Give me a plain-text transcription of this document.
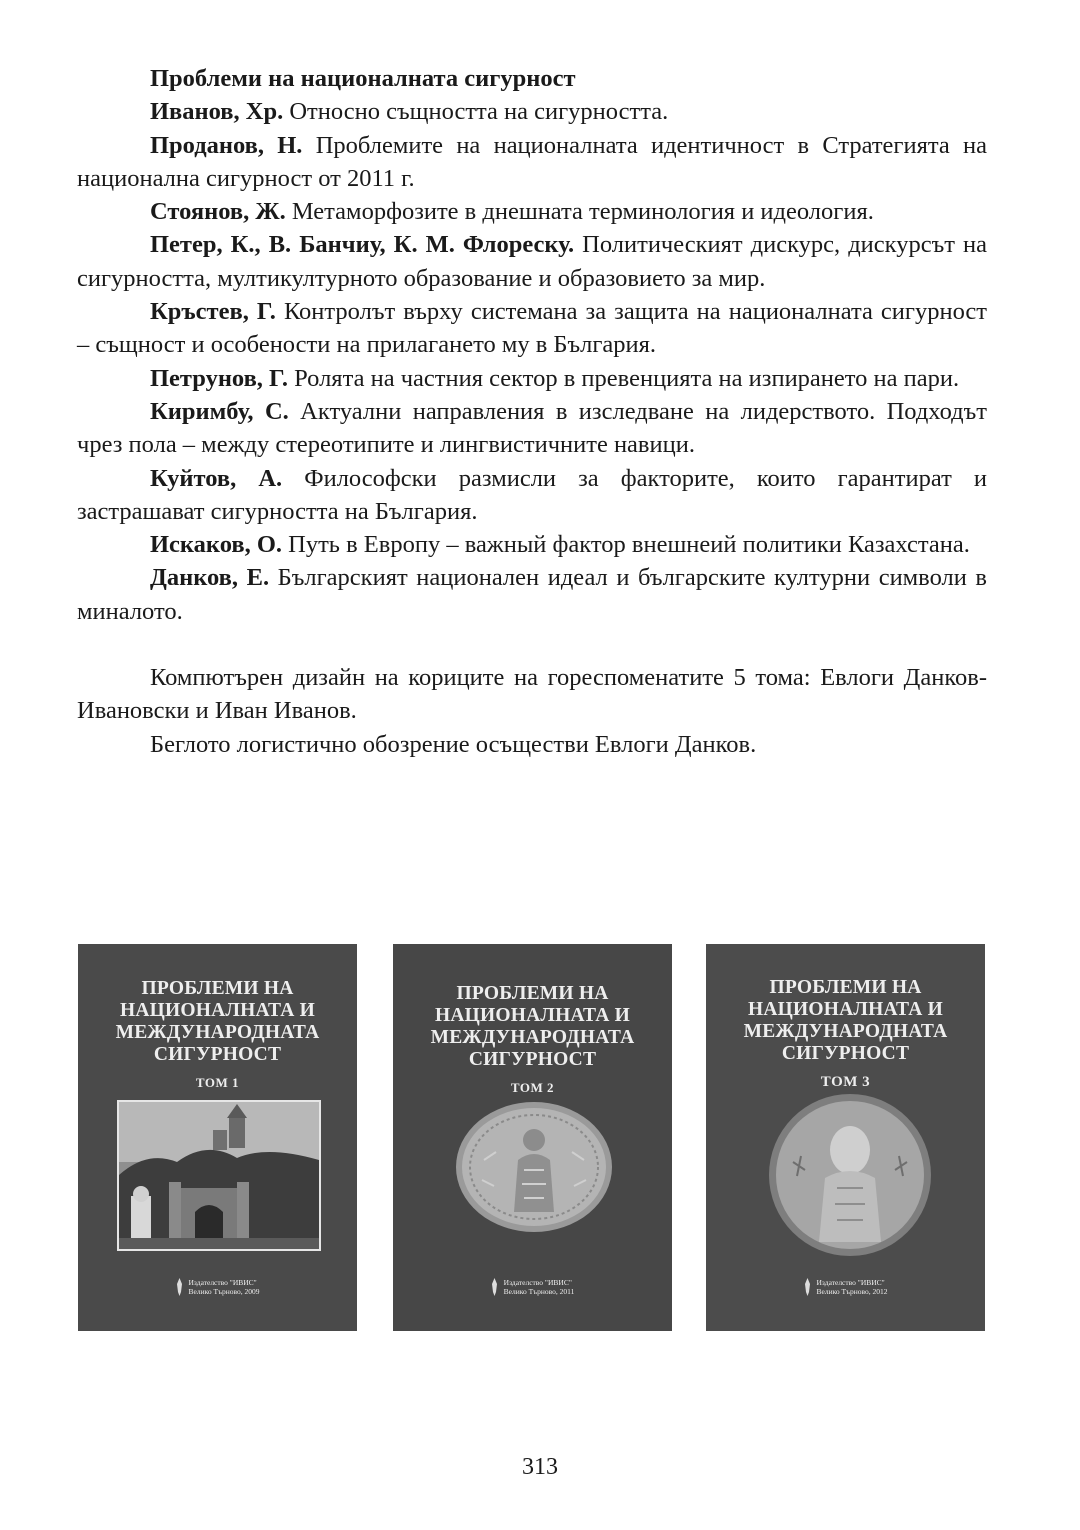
Проблеми на националната сигурност

Иванов, Хр. Относно същността на сигурността.

Проданов, Н. Проблемите на националната идентичност в Стратегията на национална сигурност от 2011 г.

Стоянов, Ж. Метаморфозите в днешната терминология и идеология.

Петер, К., В. Банчиу, К. М. Флореску. Политическият дискурс, дискурсът на сигурността, мултикултурното образование и образовието за мир.

Кръстев, Г. Контролът върху системана за защита на националната сигурност – същност и особености на прилагането му в България.

Петрунов, Г. Ролята на частния сектор в превенцията на изпирането на пари.

Киримбу, С. Актуални направления в изследване на лидерството. Подходът чрез пола – между стереотипите и лингвистичните навици.

Куйтов, А. Философски размисли за факторите, които гарантират и застрашават сигурността на България.

Искаков, О. Путь в Европу – важный фактор внешнеий политики Казахстана.

Данков, Е. Българският национален идеал и българските културни символи в миналото.

Компютърен дизайн на кориците на гореспоменатите 5 тома: Евлоги Данков-Ивановски и Иван Иванов.

Беглото логистично обозрение осъществи Евлоги Данков.

ПРОБЛЕМИ НА
НАЦИОНАЛНАТА И
МЕЖДУНАРОДНАТА
СИГУРНОСТ
ТОМ 1
Издателство "ИВИС"
Велико Търново, 2009
ПРОБЛЕМИ НА
НАЦИОНАЛНАТА И
МЕЖДУНАРОДНАТА
СИГУРНОСТ
ТОМ 2
Издателство "ИВИС"
Велико Търново, 2011
ПРОБЛЕМИ НА
НАЦИОНАЛНАТА И
МЕЖДУНАРОДНАТА
СИГУРНОСТ
ТОМ 3
Издателство "ИВИС"
Велико Търново, 2012
313
